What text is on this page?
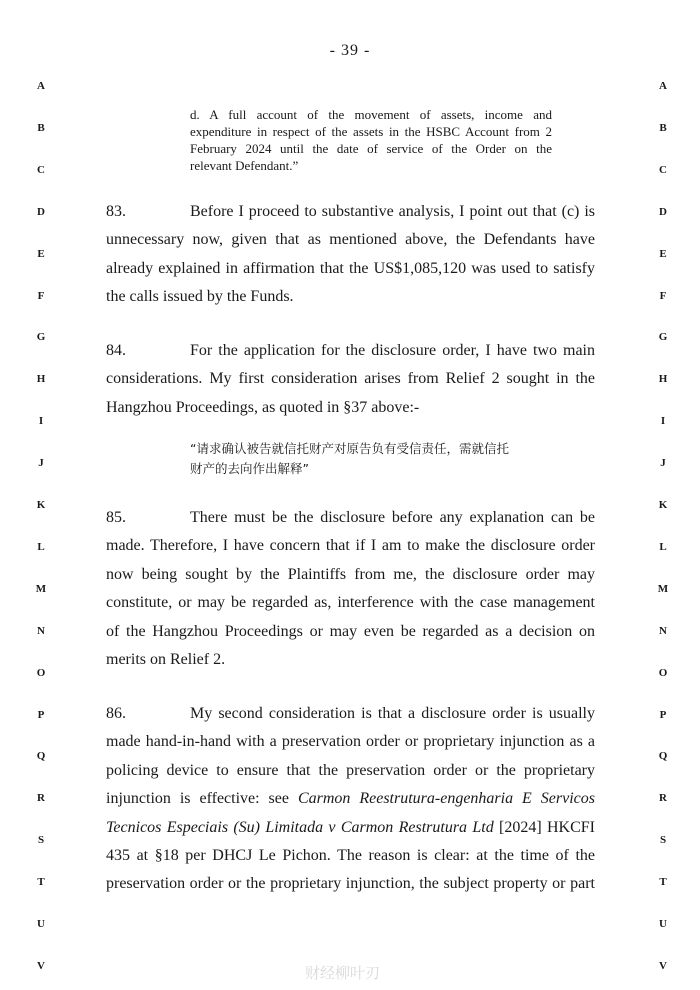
- 39 -
A
B
C
D
E
F
G
H
I
J
K
L
M
N
O
P
Q
R
S
T
U
V
A
B
C
D
E
F
G
H
I
J
K
L
M
N
O
P
Q
R
S
T
U
V
d. A full account of the movement of assets, income and
expenditure in respect of the assets in the HSBC Account from 2
February 2024 until the date of service of the Order on the
relevant Defendant.”
83.	Before I proceed to substantive analysis, I point out that (c) is
unnecessary now, given that as mentioned above, the Defendants have
already explained in affirmation that the US$1,085,120 was used to satisfy
the calls issued by the Funds.
84.	For the application for the disclosure order, I have two main
considerations. My first consideration arises from Relief 2 sought in the
Hangzhou Proceedings, as quoted in §37 above:-
“请求确认被告就信托财产对原告负有受信责任，需就信托
财产的去向作出解释”
85.	There must be the disclosure before any explanation can be
made. Therefore, I have concern that if I am to make the disclosure order
now being sought by the Plaintiffs from me, the disclosure order may
constitute, or may be regarded as, interference with the case management
of the Hangzhou Proceedings or may even be regarded as a decision on
merits on Relief 2.
86.	My second consideration is that a disclosure order is usually
made hand-in-hand with a preservation order or proprietary injunction as a
policing device to ensure that the preservation order or the proprietary
injunction is effective: see Carmon Reestrutura-engenharia E Servicos
Tecnicos Especiais (Su) Limitada v Carmon Restrutura Ltd [2024] HKCFI
435 at §18 per DHCJ Le Pichon. The reason is clear: at the time of the
preservation order or the proprietary injunction, the subject property or part
财经柳叶刃
